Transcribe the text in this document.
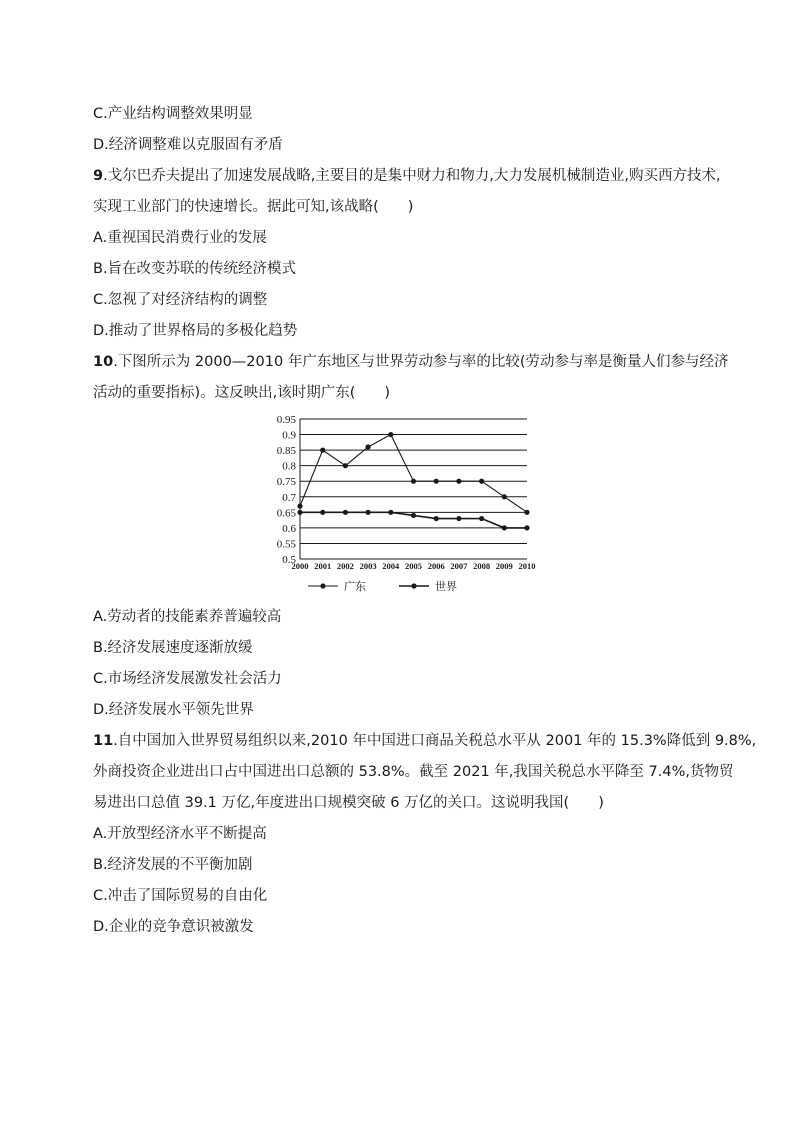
C.产业结构调整效果明显
D.经济调整难以克服固有矛盾
9.戈尔巴乔夫提出了加速发展战略,主要目的是集中财力和物力,大力发展机械制造业,购买西方技术,
实现工业部门的快速增长。据此可知,该战略(　　)
A.重视国民消费行业的发展
B.旨在改变苏联的传统经济模式
C.忽视了对经济结构的调整
D.推动了世界格局的多极化趋势
10.下图所示为 2000—2010 年广东地区与世界劳动参与率的比较(劳动参与率是衡量人们参与经济
活动的重要指标)。这反映出,该时期广东(　　)
0.95
0.9
0.85
0.8
0.75
0.7
0.65
0.6
0.55
0.5
2000 2001 2002 2003 2004 2005 2006 2007 2008 2009 2010
广东	世界
A.劳动者的技能素养普遍较高
B.经济发展速度逐渐放缓
C.市场经济发展激发社会活力
D.经济发展水平领先世界
11.自中国加入世界贸易组织以来,2010 年中国进口商品关税总水平从 2001 年的 15.3%降低到 9.8%,
外商投资企业进出口占中国进出口总额的 53.8%。截至 2021 年,我国关税总水平降至 7.4%,货物贸
易进出口总值 39.1 万亿,年度进出口规模突破 6 万亿的关口。这说明我国(　　)
A.开放型经济水平不断提高
B.经济发展的不平衡加剧
C.冲击了国际贸易的自由化
D.企业的竞争意识被激发
